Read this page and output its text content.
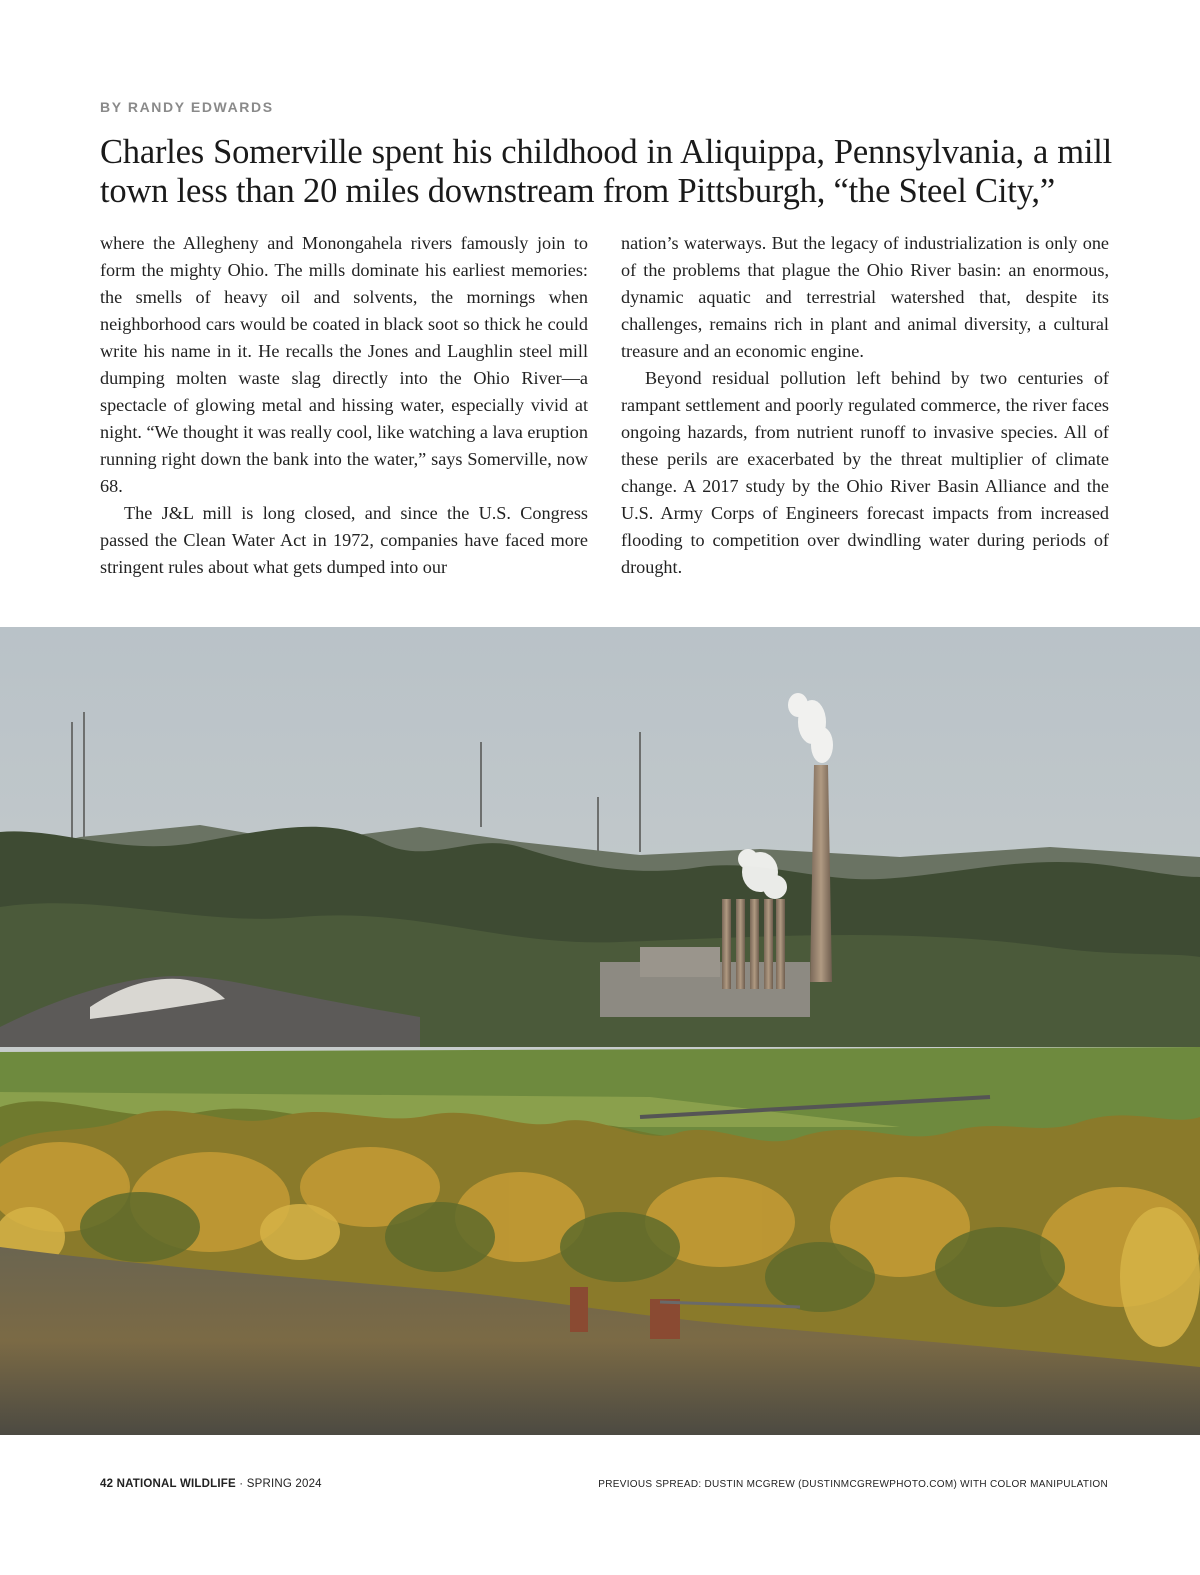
BY RANDY EDWARDS
Charles Somerville spent his childhood in Aliquippa, Pennsylvania, a mill town less than 20 miles downstream from Pittsburgh, “the Steel City,”

where the Allegheny and Monongahela rivers famously join to form the mighty Ohio. The mills dominate his earliest memories: the smells of heavy oil and solvents, the mornings when neighborhood cars would be coated in black soot so thick he could write his name in it. He recalls the Jones and Laughlin steel mill dumping molten waste slag directly into the Ohio River—a spectacle of glowing metal and hissing water, especially vivid at night. “We thought it was really cool, like watching a lava eruption running right down the bank into the water,” says Somerville, now 68.

The J&L mill is long closed, and since the U.S. Congress passed the Clean Water Act in 1972, companies have faced more stringent rules about what gets dumped into our

nation’s waterways. But the legacy of industrialization is only one of the problems that plague the Ohio River basin: an enormous, dynamic aquatic and terrestrial watershed that, despite its challenges, remains rich in plant and animal diversity, a cultural treasure and an economic engine.

Beyond residual pollution left behind by two centuries of rampant settlement and poorly regulated commerce, the river faces ongoing hazards, from nutrient runoff to invasive species. All of these perils are exacerbated by the threat multiplier of climate change. A 2017 study by the Ohio River Basin Alliance and the U.S. Army Corps of Engineers forecast impacts from increased flooding to competition over dwindling water during periods of drought.

42 NATIONAL WILDLIFE · SPRING 2024	PREVIOUS SPREAD: DUSTIN MCGREW (DUSTINMCGREWPHOTO.COM) WITH COLOR MANIPULATION
